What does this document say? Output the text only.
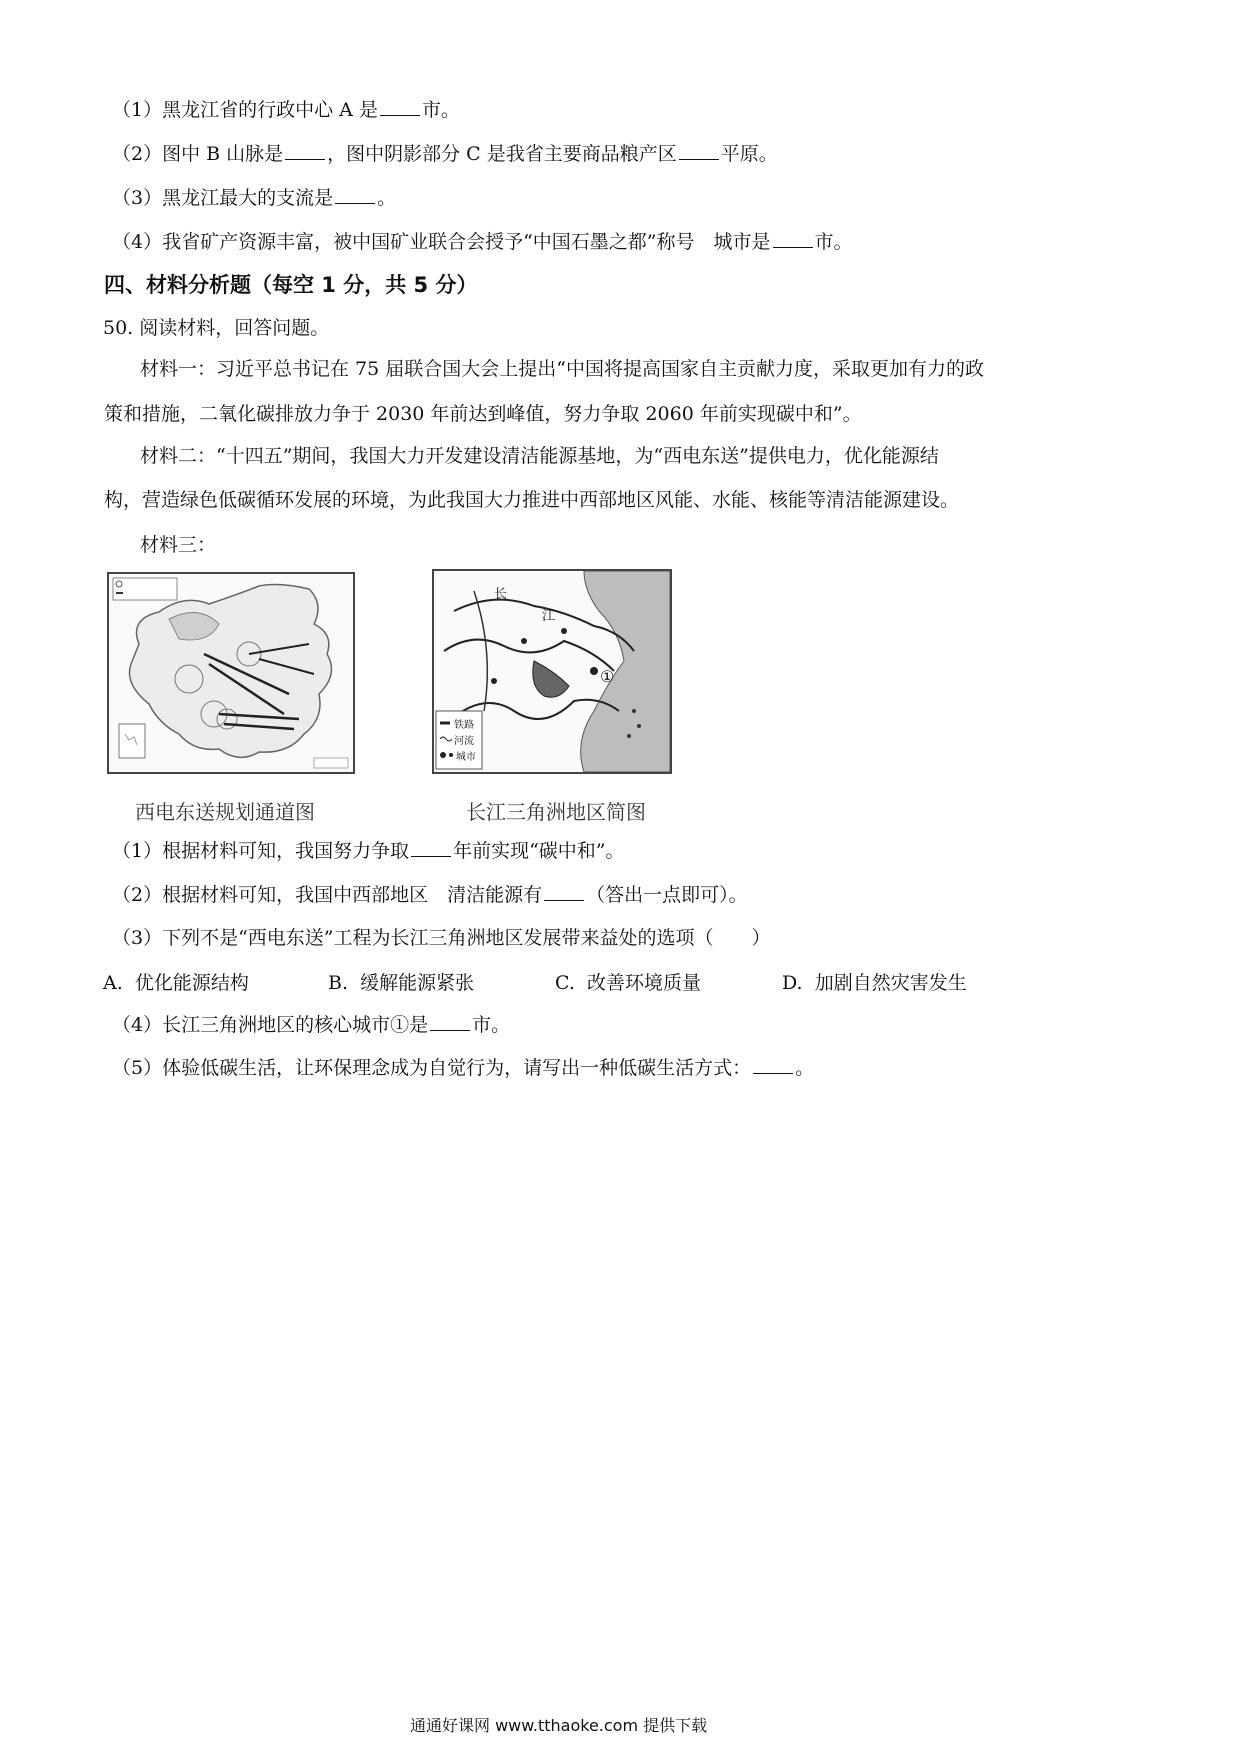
（1）黑龙江省的行政中心 A 是 市。
（2）图中 B 山脉是 ，图中阴影部分 C 是我省主要商品粮产区 平原。
（3）黑龙江最大的支流是 。
（4）我省矿产资源丰富，被中国矿业联合会授予“中国石墨之都”称号　城市是 市。
四、材料分析题（每空 1 分，共 5 分）
50. 阅读材料，回答问题。
材料一：习近平总书记在 75 届联合国大会上提出“中国将提高国家自主贡献力度，采取更加有力的政
策和措施，二氧化碳排放力争于 2030 年前达到峰值，努力争取 2060 年前实现碳中和”。
材料二：“十四五”期间，我国大力开发建设清洁能源基地，为“西电东送”提供电力，优化能源结
构，营造绿色低碳循环发展的环境，为此我国大力推进中西部地区风能、水能、核能等清洁能源建设。
材料三：
西电东送规划通道图
长
江
①
铁路
河流
城市
长江三角洲地区简图
（1）根据材料可知，我国努力争取 年前实现“碳中和”。
（2）根据材料可知，我国中西部地区　清洁能源有 （答出一点即可）。
（3）下列不是“西电东送”工程为长江三角洲地区发展带来益处的选项（　　）
A. 优化能源结构	B. 缓解能源紧张	C. 改善环境质量	D. 加剧自然灾害发生
（4）长江三角洲地区的核心城市①是 市。
（5）体验低碳生活，让环保理念成为自觉行为，请写出一种低碳生活方式： 。
通通好课网 www.tthaoke.com 提供下载
